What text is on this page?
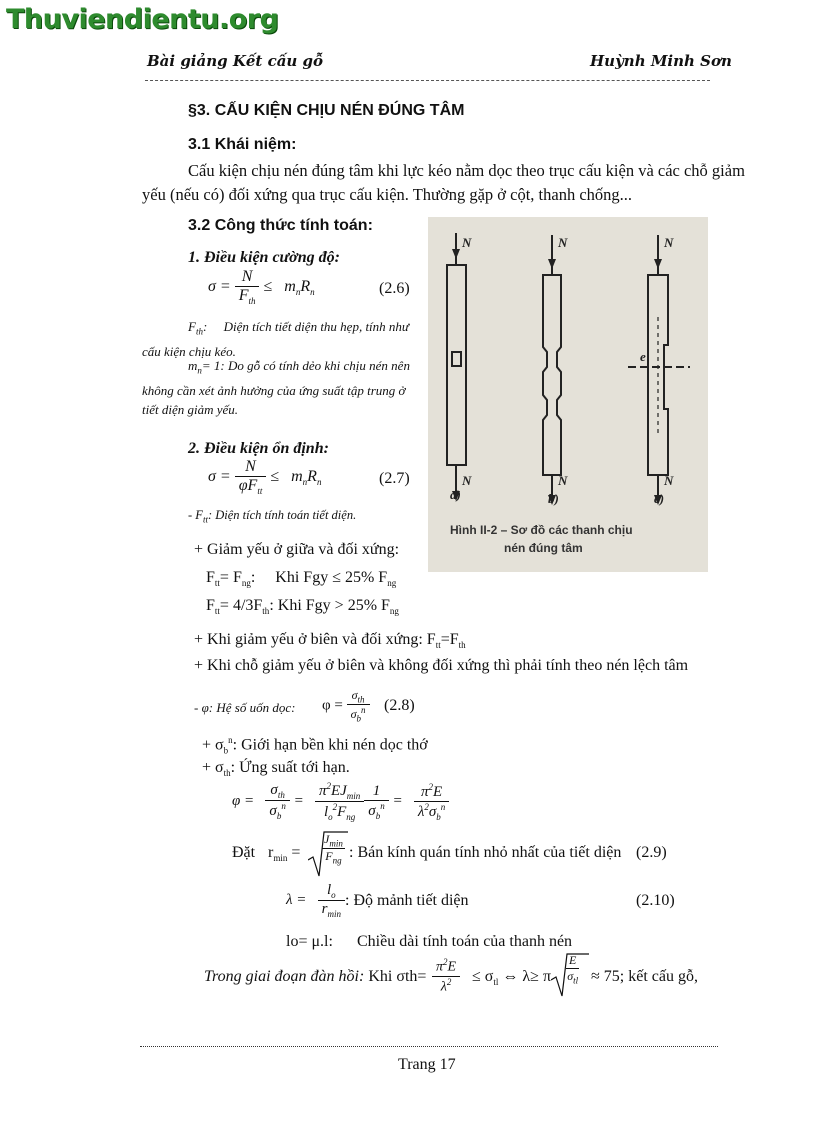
Thuviendientu.org
Bài giảng Kết cấu gỗ	Huỳnh Minh Sơn
§3. CẤU KIỆN CHỊU NÉN ĐÚNG TÂM
3.1 Khái niệm:
Cấu kiện chịu nén đúng tâm khi lực kéo nằm dọc theo trục cấu kiện và các chỗ giảm
yếu (nếu có) đối xứng qua trục cấu kiện. Thường gặp ở cột, thanh chống...
3.2 Công thức tính toán:
1. Điều kiện cường độ:
$\sigma = \frac{N}{F_{th}} \le m_nR_n$	(2.6)
$F_{th}$:     Diện tích tiết diện thu hẹp, tính như cấu kiện chịu kéo.
$m_n= 1$: Do gỗ có tính dẻo khi chịu nén nên không cần xét ảnh hưởng của ứng suất tập trung ở tiết diện giảm yếu.
2. Điều kiện ổn định:
$\sigma = \frac{N}{\varphi F_{tt}} \le m_nR_n$	(2.7)
- $F_{tt}$: Diện tích tính toán tiết diện.
N
N
N
N
N
N
e
a)	b)	c)
Hình II-2 – Sơ đồ các thanh chịu
nén đúng tâm
+ Giảm yếu ở giữa và đối xứng:
$F_{tt}= F_{ng}$:     Khi Fgy ≤ 25% $F_{ng}$
$F_{tt}= 4/3F_{th}$: Khi Fgy > 25% $F_{ng}$
+ Khi giảm yếu ở biên và đối xứng: $F_{tt}=F_{th}$
+ Khi chỗ giảm yếu ở biên và không đối xứng thì phải tính theo nén lệch tâm
- φ: Hệ số uốn dọc: $\varphi = \frac{\sigma_{th}}{\sigma_b^n} (2.8)$
+ $\sigma_b^n$: Giới hạn bền khi nén dọc thớ
+ $\sigma_{th}$: Ứng suất tới hạn.
$\varphi = \frac{\sigma_{th}}{\sigma_b^n} = \frac{\pi^2EJ_{min}}{l_o^2F_{ng}} \frac{1}{\sigma_b^n} = \frac{\pi^2E}{\lambda^2\sigma_b^n}$
Đặt $r_{min}$ =
$J_{min}$
$F_{ng}$ : Bán kính quán tính nhỏ nhất của tiết diện (2.9)
$\lambda = \frac{l_o}{r_{min}}$ : Độ mảnh tiết diện	(2.10)
lo= μ.l: Chiều dài tính toán của thanh nén
Trong giai đoạn đàn hồi: Khi $\sigma th= \frac{\pi^2E}{\lambda^2} \le \sigma_{tl}$ ⇔ λ≥ π
E
$\sigma_{tl} \approx 75$; kết cấu gỗ,
Trang 17
